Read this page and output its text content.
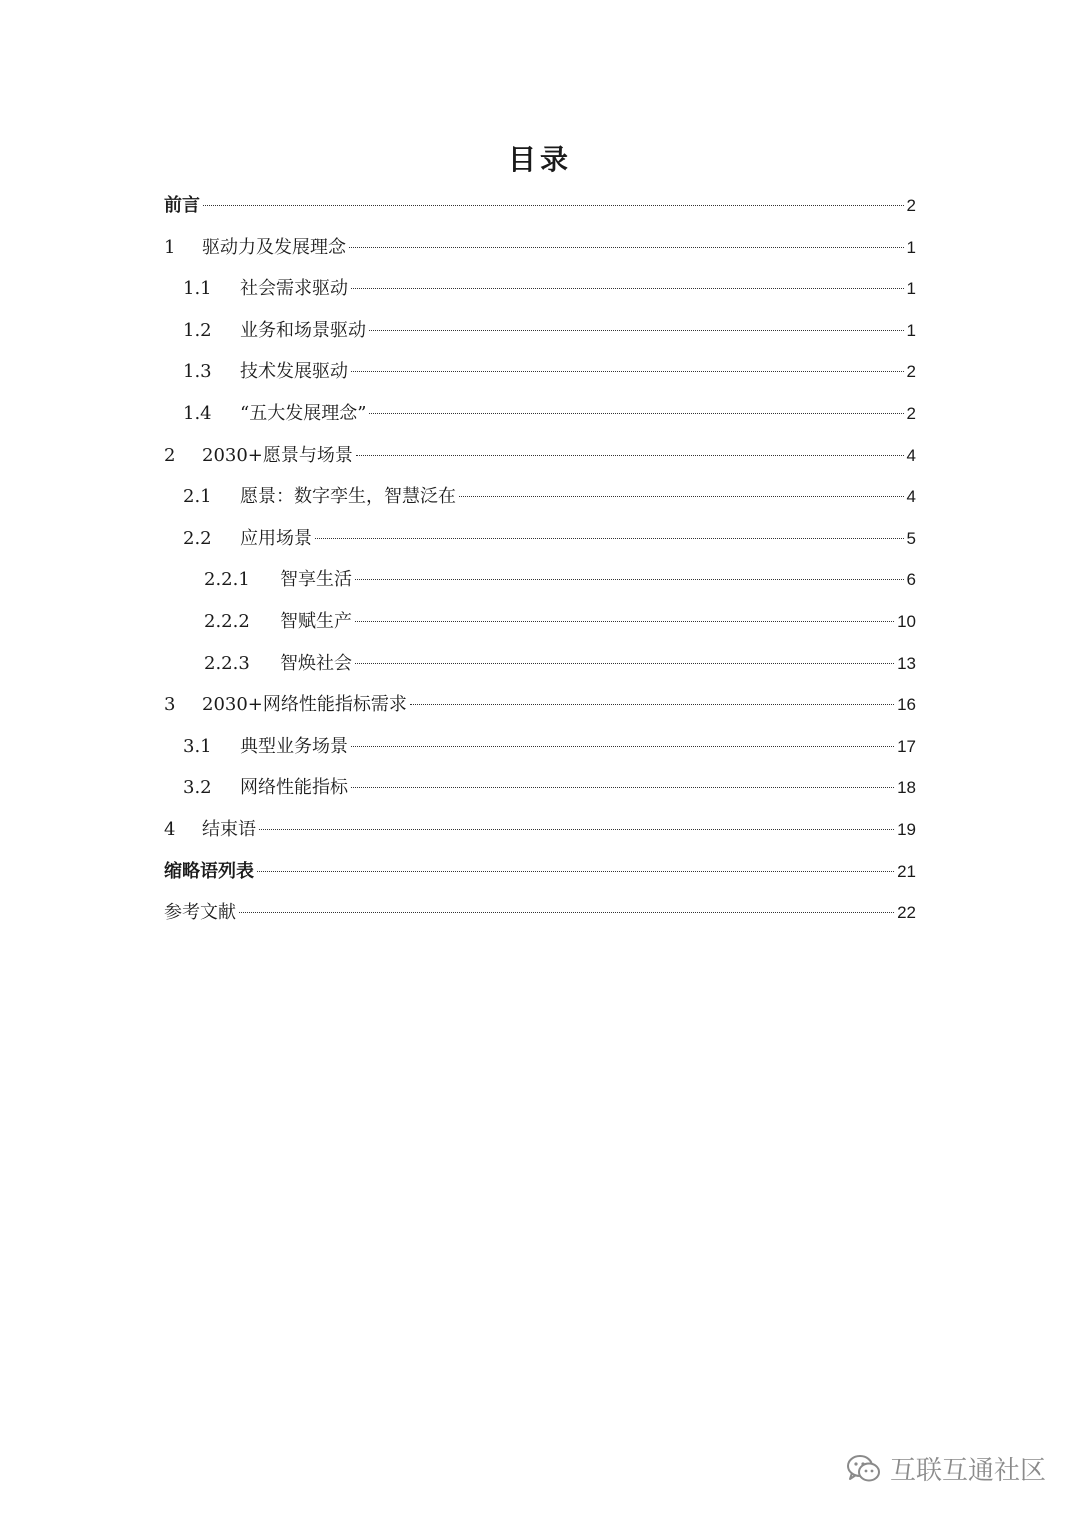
目录
前言	2
1	驱动力及发展理念	1
1.1	社会需求驱动	1
1.2	业务和场景驱动	1
1.3	技术发展驱动	2
1.4	“五大发展理念”	2
2	2030+愿景与场景	4
2.1	愿景：数字孪生，智慧泛在	4
2.2	应用场景	5
2.2.1	智享生活	6
2.2.2	智赋生产	10
2.2.3	智焕社会	13
3	2030+网络性能指标需求	16
3.1	典型业务场景	17
3.2	网络性能指标	18
4	结束语	19
缩略语列表	21
参考文献	22
互联互通社区
